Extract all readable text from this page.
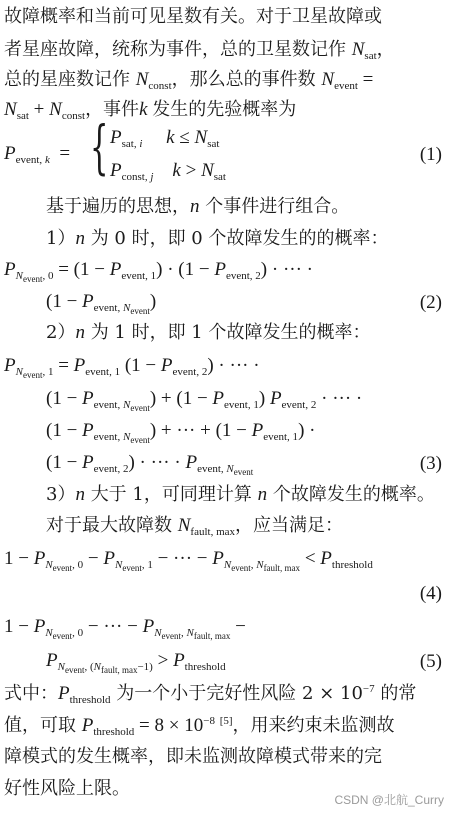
故障概率和当前可见星数有关。对于卫星故障或
者星座故障，统称为事件，总的卫星数记作 $N_{sat}$，
总的星座数记作 $N_{const}$，那么总的事件数 $N_{event}$ =
$N_{sat} + N_{const}$，事件k 发生的先验概率为
$P_{event, k}$  = { $P_{sat, i}$ $k \le N_{sat}$
$P_{const, j}$ $k > N_{sat}$
(1)
基于遍历的思想，n 个事件进行组合。
1）n 为 0 时，即 0 个故障发生的的概率：
$P_{N_{event}, 0} = (1 - P_{event, 1}) \cdot (1 - P_{event, 2})$ · ··· ·
$(1 - P_{event, N_{event}})$	(2)
2）n 为 1 时，即 1 个故障发生的概率：
$P_{N_{event}, 1} = P_{event, 1}$ $(1 - P_{event, 2})$ · ··· ·
$(1 - P_{event, N_{event}}) + (1 - P_{event, 1})$ $P_{event, 2}$ · ··· ·
$(1 - P_{event, N_{event}})$ + ··· + $(1 - P_{event, 1})$ ·
$(1 - P_{event, 2})$ · ··· · $P_{event, N_{event}}$	(3)
3）n 大于 1，可同理计算 n 个故障发生的概率。
对于最大故障数 $N_{fault, max}$，应当满足：
$1 - P_{N_{event}, 0} - P_{N_{event}, 1}$ − ··· − $P_{N_{event}, N_{fault, max}} < P_{threshold}$
(4)
$1 - P_{N_{event}, 0}$ − ··· − $P_{N_{event}, N_{fault, max}}$ −
$P_{N_{event}, (N_{fault, max}-1)} > P_{threshold}$	(5)
式中：$P_{threshold}$ 为一个小于完好性风险 $2 \times 10^{-7}$ 的常
值，可取 $P_{threshold} = 8 \times 10^{-8}$ [5]，用来约束未监测故
障模式的发生概率，即未监测故障模式带来的完
好性风险上限。
CSDN @北航_Curry
